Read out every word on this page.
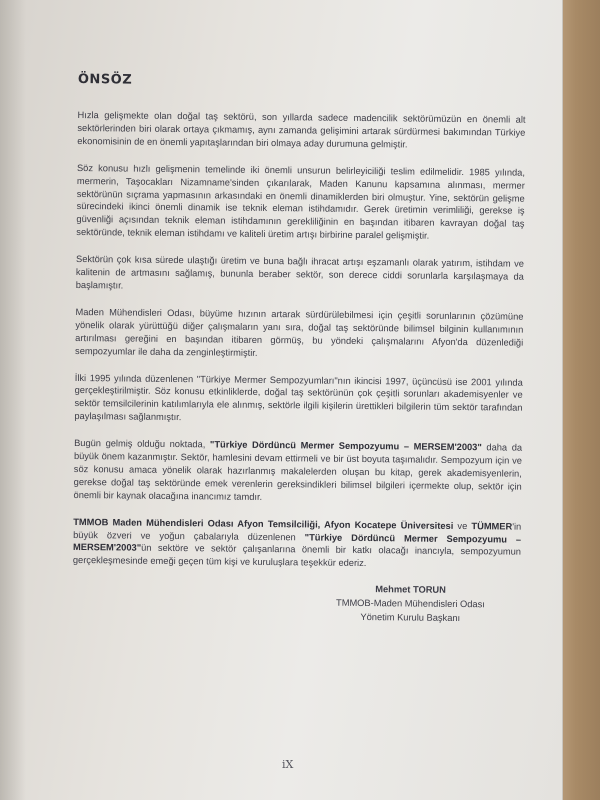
ÖNSÖZ

Hızla gelişmekte olan doğal taş sektörü, son yıllarda sadece madencilik sektörümüzün en önemli alt sektörlerinden biri olarak ortaya çıkmamış, aynı zamanda gelişimini artarak sürdürmesi bakımından Türkiye ekonomisinin de en önemli yapıtaşlarından biri olmaya aday durumuna gelmiştir.

Söz konusu hızlı gelişmenin temelinde iki önemli unsurun belirleyiciliği teslim edilmelidir. 1985 yılında, mermerin, Taşocakları Nizamname'sinden çıkarılarak, Maden Kanunu kapsamına alınması, mermer sektörünün sıçrama yapmasının arkasındaki en önemli dinamiklerden biri olmuştur. Yine, sektörün gelişme sürecindeki ikinci önemli dinamik ise teknik eleman istihdamıdır. Gerek üretimin verimliliği, gerekse iş güvenliği açısından teknik eleman istihdamının gerekliliğinin en başından itibaren kavrayan doğal taş sektöründe, teknik eleman istihdamı ve kaliteli üretim artışı birbirine paralel gelişmiştir.

Sektörün çok kısa sürede ulaştığı üretim ve buna bağlı ihracat artışı eşzamanlı olarak yatırım, istihdam ve kalitenin de artmasını sağlamış, bununla beraber sektör, son derece ciddi sorunlarla karşılaşmaya da başlamıştır.

Maden Mühendisleri Odası, büyüme hızının artarak sürdürülebilmesi için çeşitli sorunlarının çözümüne yönelik olarak yürüttüğü diğer çalışmaların yanı sıra, doğal taş sektöründe bilimsel bilginin kullanımının artırılması gereğini en başından itibaren görmüş, bu yöndeki çalışmalarını Afyon'da düzenlediği sempozyumlar ile daha da zenginleştirmiştir.

İlki 1995 yılında düzenlenen "Türkiye Mermer Sempozyumları"nın ikincisi 1997, üçüncüsü ise 2001 yılında gerçekleştirilmiştir. Söz konusu etkinliklerde, doğal taş sektörünün çok çeşitli sorunları akademisyenler ve sektör temsilcilerinin katılımlarıyla ele alınmış, sektörle ilgili kişilerin ürettikleri bilgilerin tüm sektör tarafından paylaşılması sağlanmıştır.

Bugün gelmiş olduğu noktada, "Türkiye Dördüncü Mermer Sempozyumu – MERSEM'2003" daha da büyük önem kazanmıştır. Sektör, hamlesini devam ettirmeli ve bir üst boyuta taşımalıdır. Sempozyum için ve söz konusu amaca yönelik olarak hazırlanmış makalelerden oluşan bu kitap, gerek akademisyenlerin, gerekse doğal taş sektöründe emek verenlerin gereksindikleri bilimsel bilgileri içermekte olup, sektör için önemli bir kaynak olacağına inancımız tamdır.

TMMOB Maden Mühendisleri Odası Afyon Temsilciliği, Afyon Kocatepe Üniversitesi ve TÜMMER'in büyük özveri ve yoğun çabalarıyla düzenlenen "Türkiye Dördüncü Mermer Sempozyumu – MERSEM'2003"ün sektöre ve sektör çalışanlarına önemli bir katkı olacağı inancıyla, sempozyumun gerçekleşmesinde emeği geçen tüm kişi ve kuruluşlara teşekkür ederiz.

Mehmet TORUN
TMMOB-Maden Mühendisleri Odası
Yönetim Kurulu Başkanı
iX
